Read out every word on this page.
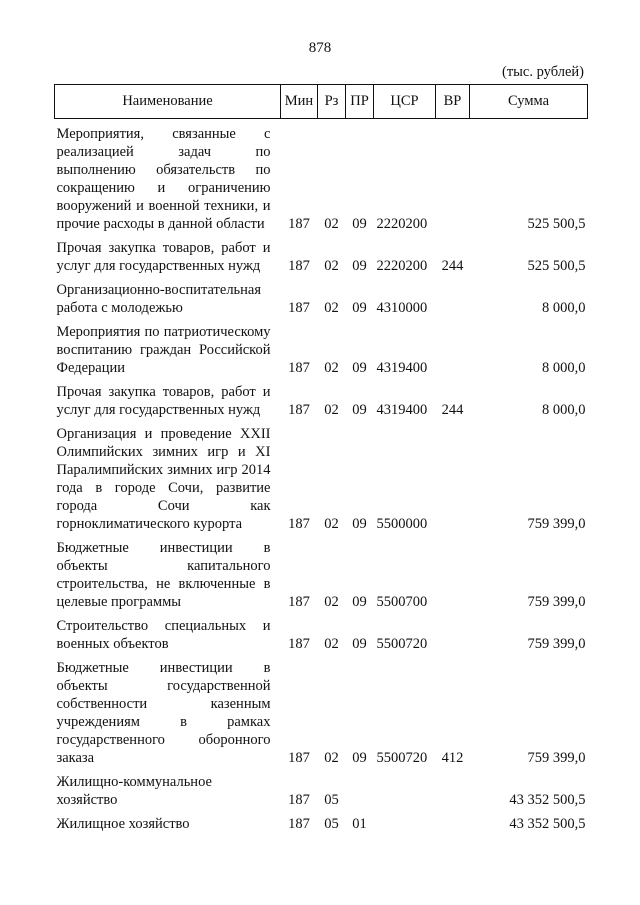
878
(тыс. рублей)
Наименование	Мин	Рз	ПР	ЦСР	ВР	Сумма
Мероприятия, связанные с реализацией задач по выполнению обязательств по сокращению и ограничению вооружений и военной техники, и прочие расходы в данной области	187	02	09	2220200		525 500,5
Прочая закупка товаров, работ и услуг для государственных нужд	187	02	09	2220200	244	525 500,5
Организационно-воспитательная работа с молодежью	187	02	09	4310000		8 000,0
Мероприятия по патриотическому воспитанию граждан Российской Федерации	187	02	09	4319400		8 000,0
Прочая закупка товаров, работ и услуг для государственных нужд	187	02	09	4319400	244	8 000,0
Организация и проведение XXII Олимпийских зимних игр и XI Паралимпийских зимних игр 2014 года в городе Сочи, развитие города Сочи как горноклиматического курорта	187	02	09	5500000		759 399,0
Бюджетные инвестиции в объекты капитального строительства, не включенные в целевые программы	187	02	09	5500700		759 399,0
Строительство специальных и военных объектов	187	02	09	5500720		759 399,0
Бюджетные инвестиции в объекты государственной собственности казенным учреждениям в рамках государственного оборонного заказа	187	02	09	5500720	412	759 399,0
Жилищно-коммунальное хозяйство	187	05				43 352 500,5
Жилищное хозяйство	187	05	01			43 352 500,5
